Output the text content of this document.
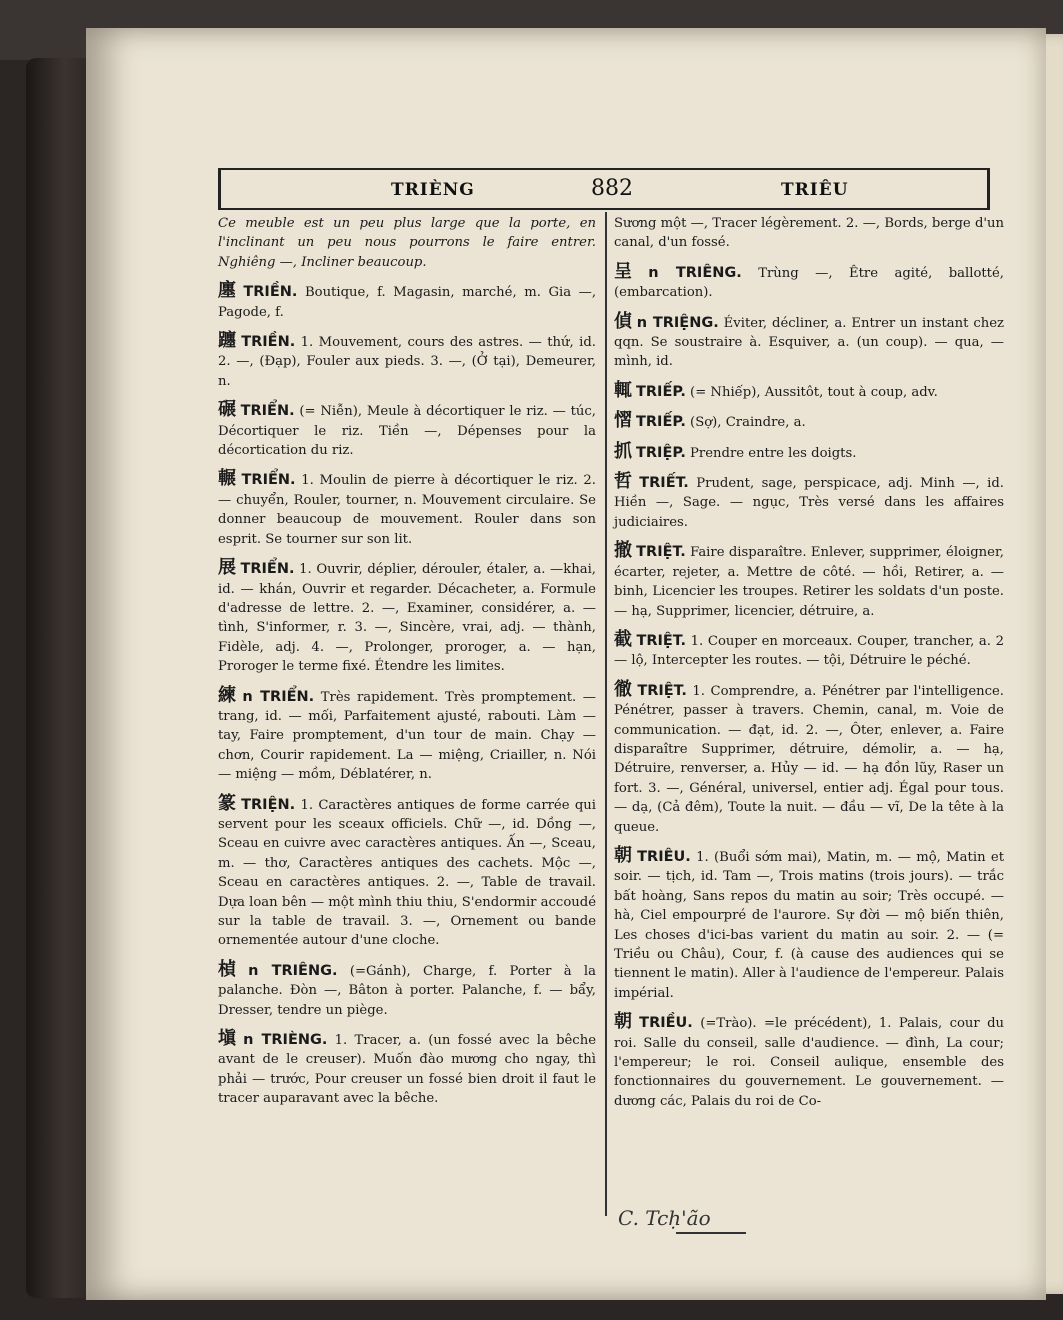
TRIÈNG	882	TRIÊU
Ce meuble est un peu plus large que la porte, en l'inclinant un peu nous pourrons le faire entrer. Nghiêng —, Incliner beaucoup.
廛 TRIỀN. Boutique, f. Magasin, marché, m. Gia —, Pagode, f.
躔 TRIỀN. 1. Mouvement, cours des astres. — thứ, id. 2. —, (Đạp), Fouler aux pieds. 3. —, (Ở tại), Demeurer, n.
碾 TRIỂN. (= Niễn), Meule à décortiquer le riz. — túc, Décortiquer le riz. Tiền —, Dépenses pour la décortication du riz.
輾 TRIỂN. 1. Moulin de pierre à décortiquer le riz. 2. — chuyển, Rouler, tourner, n. Mouvement circulaire. Se donner beaucoup de mouvement. Rouler dans son esprit. Se tourner sur son lit.
展 TRIỂN. 1. Ouvrir, déplier, dérouler, étaler, a. —khai, id. — khán, Ouvrir et regarder. Décacheter, a. Formule d'adresse de lettre. 2. —, Examiner, considérer, a. — tình, S'informer, r. 3. —, Sincère, vrai, adj. — thành, Fidèle, adj. 4. —, Prolonger, proroger, a. — hạn, Proroger le terme fixé. Étendre les limites.
練 n TRIỂN. Très rapidement. Très promptement. — trang, id. — mối, Parfaitement ajusté, rabouti. Làm — tay, Faire promptement, d'un tour de main. Chạy — chơn, Courir rapidement. La — miệng, Criailler, n. Nói — miệng — mồm, Déblatérer, n.
篆 TRIỆN. 1. Caractères antiques de forme carrée qui servent pour les sceaux officiels. Chữ —, id. Dồng —, Sceau en cuivre avec caractères antiques. Ấn —, Sceau, m. — thơ, Caractères antiques des cachets. Mộc —, Sceau en caractères antiques. 2. —, Table de travail. Dựa loan bên — một mình thiu thiu, S'endormir accoudé sur la table de travail. 3. —, Ornement ou bande ornementée autour d'une cloche.
楨 n TRIÊNG. (=Gánh), Charge, f. Porter à la palanche. Đòn —, Bâton à porter. Palanche, f. — bẩy, Dresser, tendre un piège.
塡 n TRIÈNG. 1. Tracer, a. (un fossé avec la bêche avant de le creuser). Muốn đào mương cho ngay, thì phải — trước, Pour creuser un fossé bien droit il faut le tracer auparavant avec la bêche.
Sương một —, Tracer légèrement. 2. —, Bords, berge d'un canal, d'un fossé.
呈 n TRIÊNG. Trùng —, Être agité, ballotté, (embarcation).
偵 n TRIỆNG. Éviter, décliner, a. Entrer un instant chez qqn. Se soustraire à. Esquiver, a. (un coup). — qua, — mình, id.
輒 TRIẾP. (= Nhiếp), Aussitôt, tout à coup, adv.
慴 TRIẾP. (Sợ), Craindre, a.
抓 TRIỆP. Prendre entre les doigts.
哲 TRIẾT. Prudent, sage, perspicace, adj. Minh —, id. Hiền —, Sage. — ngục, Très versé dans les affaires judiciaires.
撤 TRIỆT. Faire disparaître. Enlever, supprimer, éloigner, écarter, rejeter, a. Mettre de côté. — hồi, Retirer, a. — binh, Licencier les troupes. Retirer les soldats d'un poste. — hạ, Supprimer, licencier, détruire, a.
截 TRIỆT. 1. Couper en morceaux. Couper, trancher, a. 2 — lộ, Intercepter les routes. — tội, Détruire le péché.
徹 TRIỆT. 1. Comprendre, a. Pénétrer par l'intelligence. Pénétrer, passer à travers. Chemin, canal, m. Voie de communication. — đạt, id. 2. —, Ôter, enlever, a. Faire disparaître Supprimer, détruire, démolir, a. — hạ, Détruire, renverser, a. Hủy — id. — hạ đồn lũy, Raser un fort. 3. —, Général, universel, entier adj. Égal pour tous. — dạ, (Cả đêm), Toute la nuit. — đầu — vĩ, De la tête à la queue.
朝 TRIÊU. 1. (Buổi sớm mai), Matin, m. — mộ, Matin et soir. — tịch, id. Tam —, Trois matins (trois jours). — trắc bất hoàng, Sans repos du matin au soir; Très occupé. — hà, Ciel empourpré de l'aurore. Sự đời — mộ biến thiên, Les choses d'ici-bas varient du matin au soir. 2. — (= Triều ou Châu), Cour, f. (à cause des audiences qui se tiennent le matin). Aller à l'audience de l'empereur. Palais impérial.
朝 TRIỀU. (=Trào). =le précédent), 1. Palais, cour du roi. Salle du conseil, salle d'audience. — đình, La cour; l'empereur; le roi. Conseil aulique, ensemble des fonctionnaires du gouvernement. Le gouvernement. — dương các, Palais du roi de Co-
C. Tcḥ'ão
